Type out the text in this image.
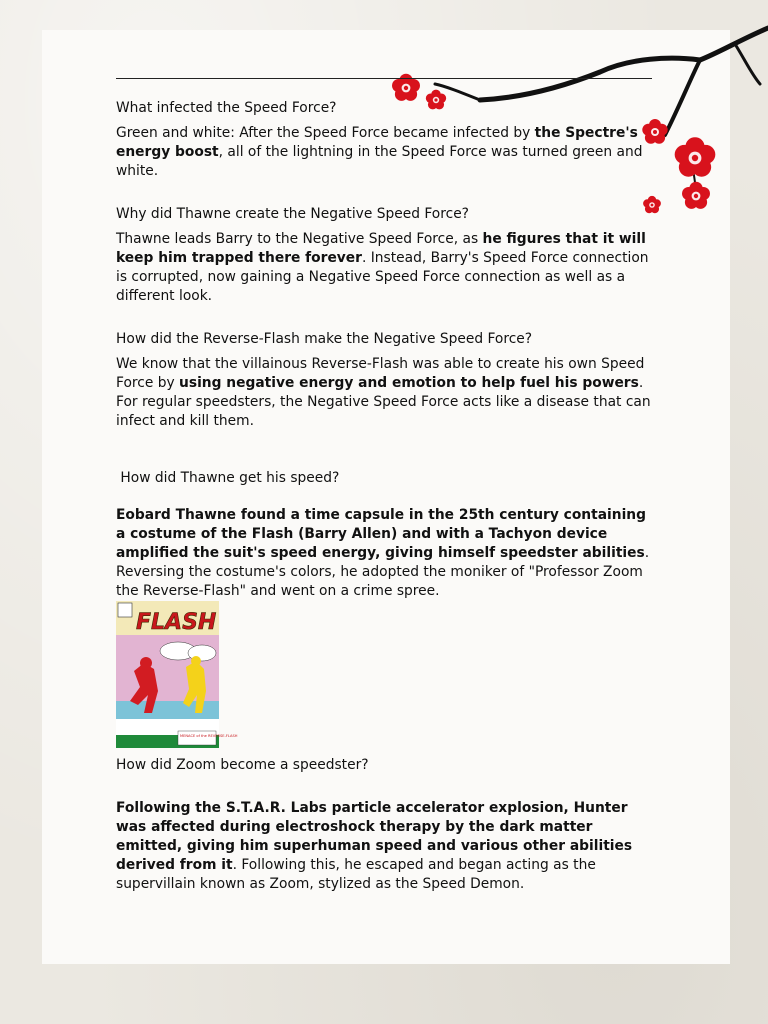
What infected the Speed Force?

Green and white: After the Speed Force became infected by the Spectre's energy boost, all of the lightning in the Speed Force was turned green and white.

Why did Thawne create the Negative Speed Force?

Thawne leads Barry to the Negative Speed Force, as he figures that it will keep him trapped there forever. Instead, Barry's Speed Force connection is corrupted, now gaining a Negative Speed Force connection as well as a different look.

How did the Reverse-Flash make the Negative Speed Force?

We know that the villainous Reverse-Flash was able to create his own Speed Force by using negative energy and emotion to help fuel his powers. For regular speedsters, the Negative Speed Force acts like a disease that can infect and kill them.

How did Thawne get his speed?

Eobard Thawne found a time capsule in the 25th century containing a costume of the Flash (Barry Allen) and with a Tachyon device amplified the suit's speed energy, giving himself speedster abilities. Reversing the costume's colors, he adopted the moniker of "Professor Zoom the Reverse-Flash" and went on a crime spree.

FLASH
MENACE of the REVERSE-FLASH

How did Zoom become a speedster?

Following the S.T.A.R. Labs particle accelerator explosion, Hunter was affected during electroshock therapy by the dark matter emitted, giving him superhuman speed and various other abilities derived from it. Following this, he escaped and began acting as the supervillain known as Zoom, stylized as the Speed Demon.
